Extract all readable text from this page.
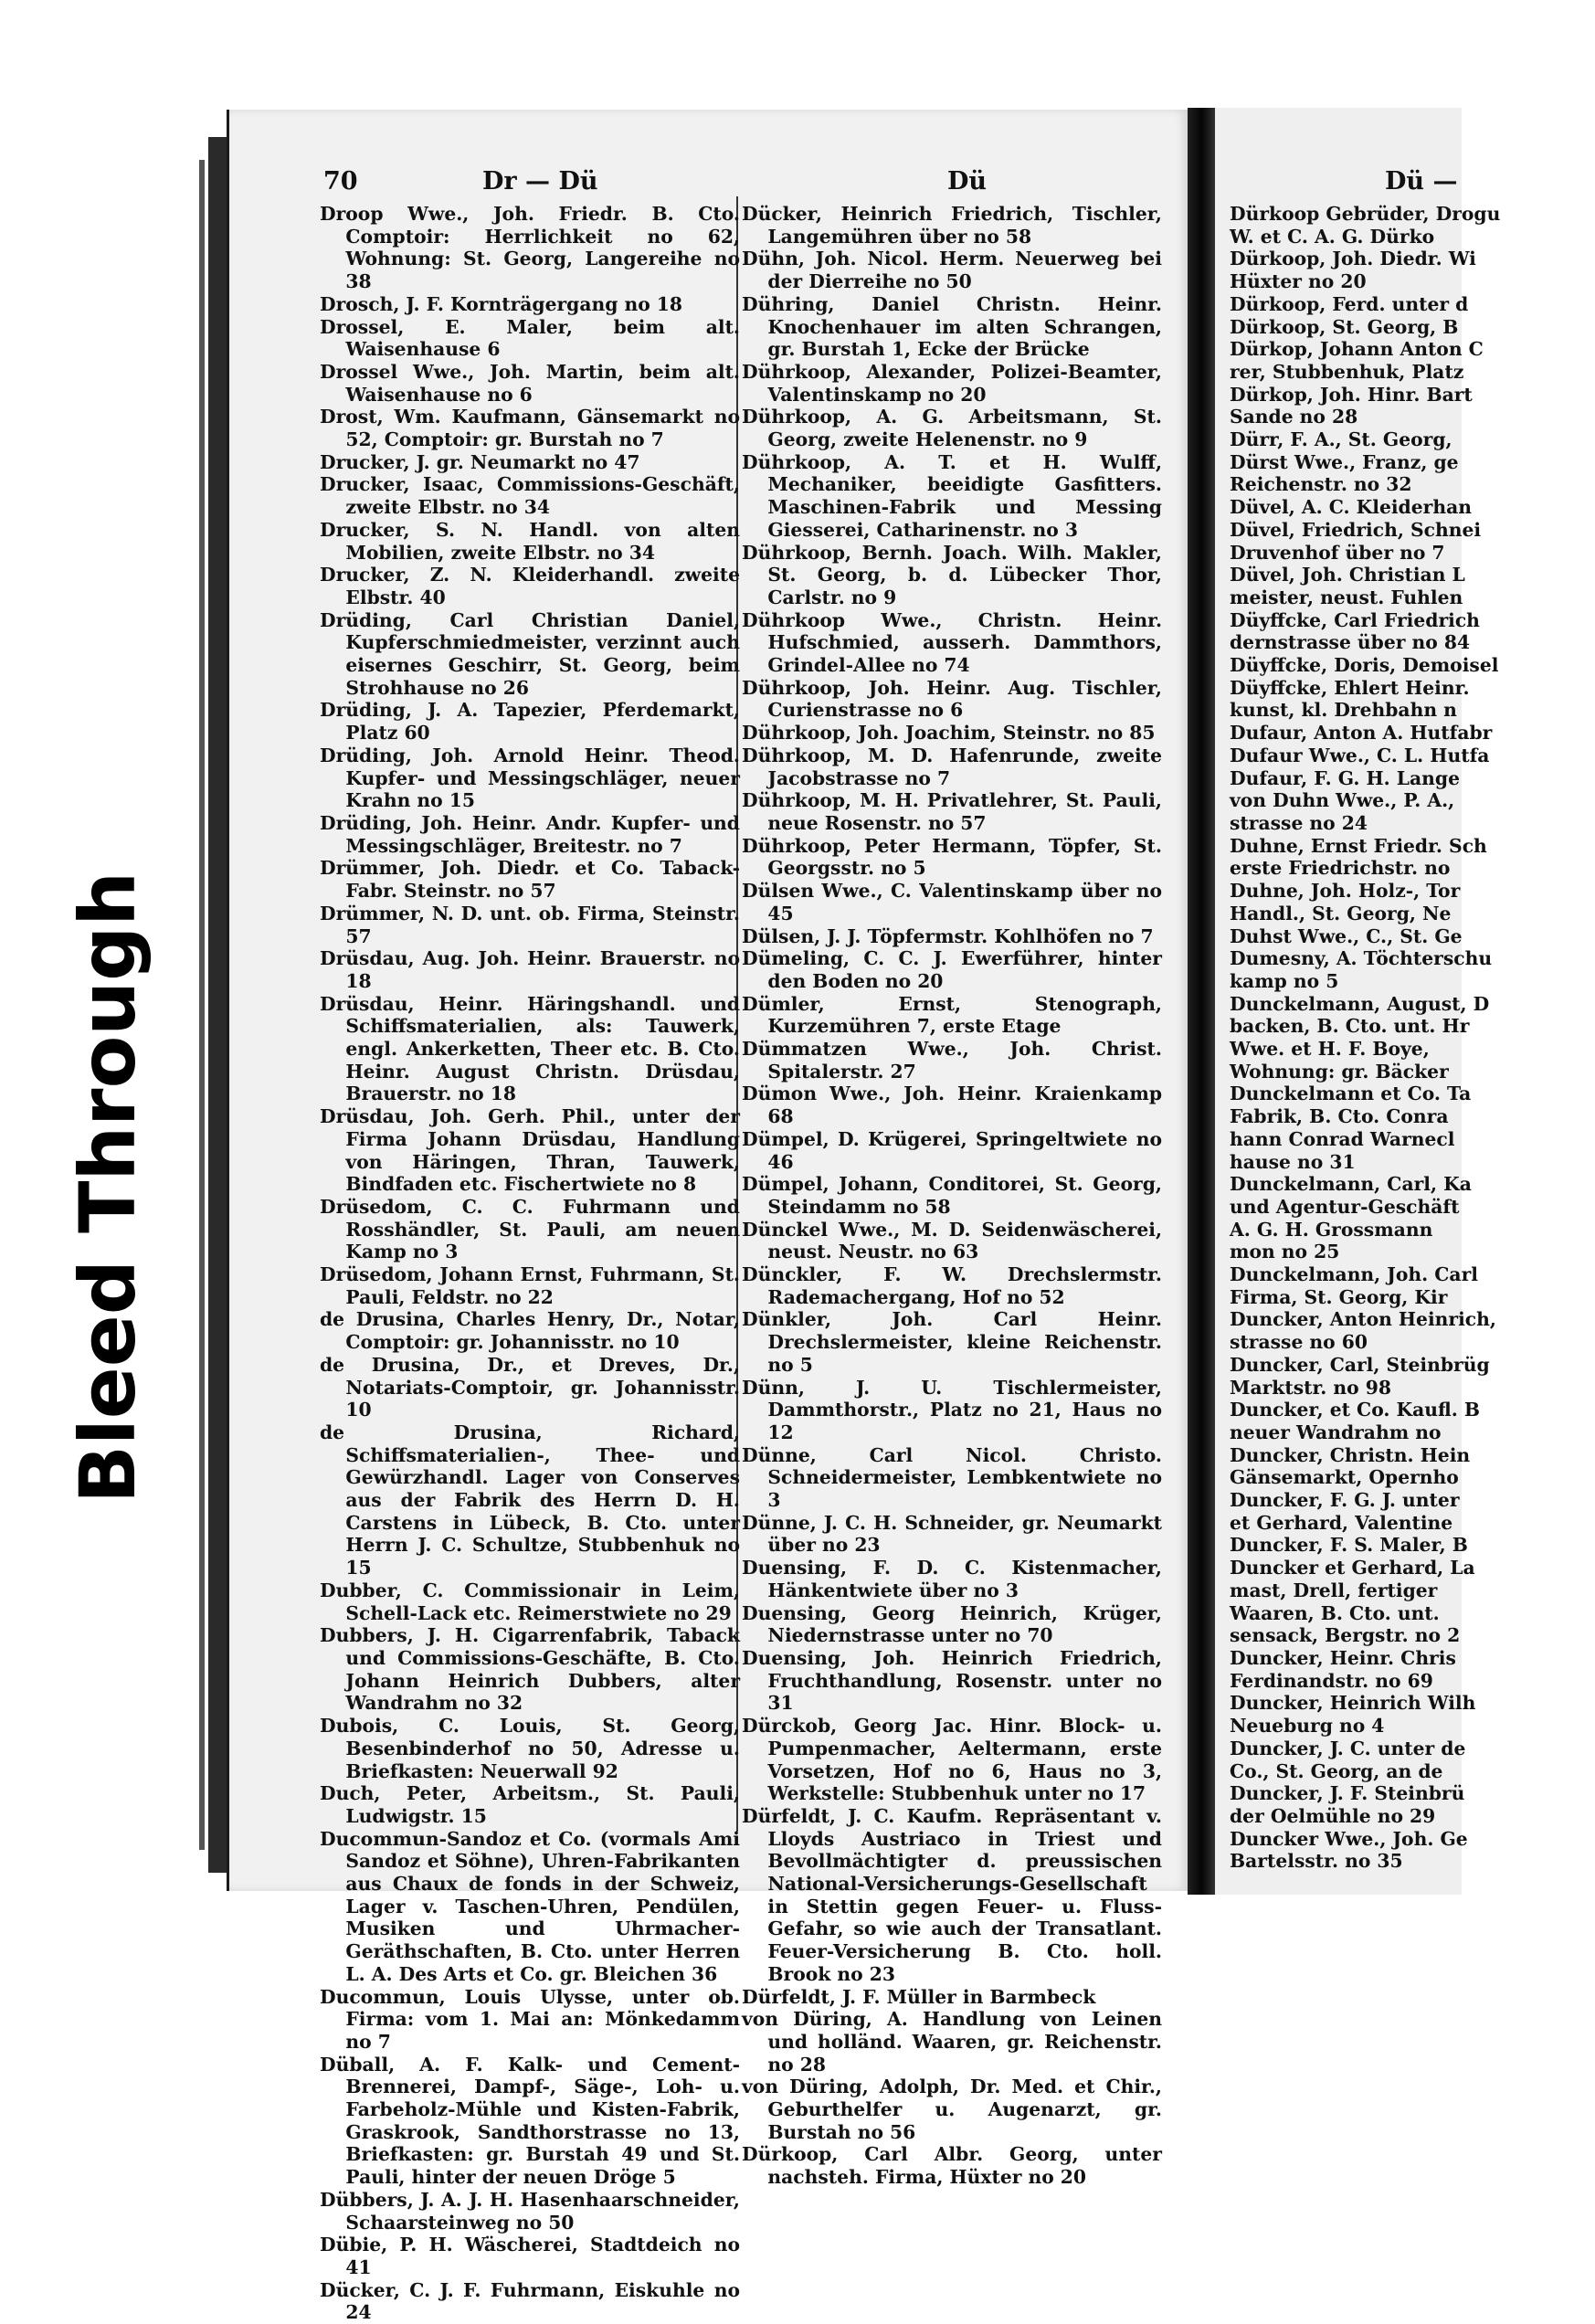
70	Dr — Dü	Dü	Dü —

Droop Wwe., Joh. Friedr. B. Cto. Comptoir: Herrlichkeit no 62, Wohnung: St. Georg, Langereihe no 38

Drosch, J. F. Kornträgergang no 18

Drossel, E. Maler, beim alt. Waisenhause 6

Drossel Wwe., Joh. Martin, beim alt. Waisenhause no 6

Drost, Wm. Kaufmann, Gänsemarkt no 52, Comptoir: gr. Burstah no 7

Drucker, J. gr. Neumarkt no 47

Drucker, Isaac, Commissions-Geschäft, zweite Elbstr. no 34

Drucker, S. N. Handl. von alten Mobilien, zweite Elbstr. no 34

Drucker, Z. N. Kleiderhandl. zweite Elbstr. 40

Drüding, Carl Christian Daniel, Kupferschmiedmeister, verzinnt auch eisernes Geschirr, St. Georg, beim Strohhause no 26

Drüding, J. A. Tapezier, Pferdemarkt, Platz 60

Drüding, Joh. Arnold Heinr. Theod. Kupfer- und Messingschläger, neuer Krahn no 15

Drüding, Joh. Heinr. Andr. Kupfer- und Messingschläger, Breitestr. no 7

Drümmer, Joh. Diedr. et Co. Taback-Fabr. Steinstr. no 57

Drümmer, N. D. unt. ob. Firma, Steinstr. 57

Drüsdau, Aug. Joh. Heinr. Brauerstr. no 18

Drüsdau, Heinr. Häringshandl. und Schiffsmaterialien, als: Tauwerk, engl. Ankerketten, Theer etc. B. Cto. Heinr. August Christn. Drüsdau, Brauerstr. no 18

Drüsdau, Joh. Gerh. Phil., unter der Firma Johann Drüsdau, Handlung von Häringen, Thran, Tauwerk, Bindfaden etc. Fischertwiete no 8

Drüsedom, C. C. Fuhrmann und Rosshändler, St. Pauli, am neuen Kamp no 3

Drüsedom, Johann Ernst, Fuhrmann, St. Pauli, Feldstr. no 22

de Drusina, Charles Henry, Dr., Notar, Comptoir: gr. Johannisstr. no 10

de Drusina, Dr., et Dreves, Dr., Notariats-Comptoir, gr. Johannisstr. 10

de Drusina, Richard, Schiffsmaterialien-, Thee- und Gewürzhandl. Lager von Conserves aus der Fabrik des Herrn D. H. Carstens in Lübeck, B. Cto. unter Herrn J. C. Schultze, Stubbenhuk no 15

Dubber, C. Commissionair in Leim, Schell-Lack etc. Reimerstwiete no 29

Dubbers, J. H. Cigarrenfabrik, Taback und Commissions-Geschäfte, B. Cto. Johann Heinrich Dubbers, alter Wandrahm no 32

Dubois, C. Louis, St. Georg, Besenbinderhof no 50, Adresse u. Briefkasten: Neuerwall 92

Duch, Peter, Arbeitsm., St. Pauli, Ludwigstr. 15

Ducommun-Sandoz et Co. (vormals Ami Sandoz et Söhne), Uhren-Fabrikanten aus Chaux de fonds in der Schweiz, Lager v. Taschen-Uhren, Pendülen, Musiken und Uhrmacher-Geräthschaften, B. Cto. unter Herren L. A. Des Arts et Co. gr. Bleichen 36

Ducommun, Louis Ulysse, unter ob. Firma: vom 1. Mai an: Mönkedamm no 7

Düball, A. F. Kalk- und Cement-Brennerei, Dampf-, Säge-, Loh- u. Farbeholz-Mühle und Kisten-Fabrik, Graskrook, Sandthorstrasse no 13, Briefkasten: gr. Burstah 49 und St. Pauli, hinter der neuen Dröge 5

Dübbers, J. A. J. H. Hasenhaarschneider, Schaarsteinweg no 50

Dübie, P. H. Wäscherei, Stadtdeich no 41

Dücker, C. J. F. Fuhrmann, Eiskuhle no 24

Dücker, Heinrich Friedrich, Tischler, Langemühren über no 58

Dühn, Joh. Nicol. Herm. Neuerweg bei der Dierreihe no 50

Dühring, Daniel Christn. Heinr. Knochenhauer im alten Schrangen, gr. Burstah 1, Ecke der Brücke

Dührkoop, Alexander, Polizei-Beamter, Valentinskamp no 20

Dührkoop, A. G. Arbeitsmann, St. Georg, zweite Helenenstr. no 9

Dührkoop, A. T. et H. Wulff, Mechaniker, beeidigte Gasfitters. Maschinen-Fabrik und Messing Giesserei, Catharinenstr. no 3

Dührkoop, Bernh. Joach. Wilh. Makler, St. Georg, b. d. Lübecker Thor, Carlstr. no 9

Dührkoop Wwe., Christn. Heinr. Hufschmied, ausserh. Dammthors, Grindel-Allee no 74

Dührkoop, Joh. Heinr. Aug. Tischler, Curienstrasse no 6

Dührkoop, Joh. Joachim, Steinstr. no 85

Dührkoop, M. D. Hafenrunde, zweite Jacobstrasse no 7

Dührkoop, M. H. Privatlehrer, St. Pauli, neue Rosenstr. no 57

Dührkoop, Peter Hermann, Töpfer, St. Georgsstr. no 5

Dülsen Wwe., C. Valentinskamp über no 45

Dülsen, J. J. Töpfermstr. Kohlhöfen no 7

Dümeling, C. C. J. Ewerführer, hinter den Boden no 20

Dümler, Ernst, Stenograph, Kurzemühren 7, erste Etage

Dümmatzen Wwe., Joh. Christ. Spitalerstr. 27

Dümon Wwe., Joh. Heinr. Kraienkamp 68

Dümpel, D. Krügerei, Springeltwiete no 46

Dümpel, Johann, Conditorei, St. Georg, Steindamm no 58

Dünckel Wwe., M. D. Seidenwäscherei, neust. Neustr. no 63

Dünckler, F. W. Drechslermstr. Rademachergang, Hof no 52

Dünkler, Joh. Carl Heinr. Drechslermeister, kleine Reichenstr. no 5

Dünn, J. U. Tischlermeister, Dammthorstr., Platz no 21, Haus no 12

Dünne, Carl Nicol. Christo. Schneidermeister, Lembkentwiete no 3

Dünne, J. C. H. Schneider, gr. Neumarkt über no 23

Duensing, F. D. C. Kistenmacher, Hänkentwiete über no 3

Duensing, Georg Heinrich, Krüger, Niedernstrasse unter no 70

Duensing, Joh. Heinrich Friedrich, Fruchthandlung, Rosenstr. unter no 31

Dürckob, Georg Jac. Hinr. Block- u. Pumpenmacher, Aeltermann, erste Vorsetzen, Hof no 6, Haus no 3, Werkstelle: Stubbenhuk unter no 17

Dürfeldt, J. C. Kaufm. Repräsentant v. Lloyds Austriaco in Triest und Bevollmächtigter d. preussischen National-Versicherungs-Gesellschaft in Stettin gegen Feuer- u. Fluss-Gefahr, so wie auch der Transatlant. Feuer-Versicherung B. Cto. holl. Brook no 23

Dürfeldt, J. F. Müller in Barmbeck

von Düring, A. Handlung von Leinen und holländ. Waaren, gr. Reichenstr. no 28

von Düring, Adolph, Dr. Med. et Chir., Geburthelfer u. Augenarzt, gr. Burstah no 56

Dürkoop, Carl Albr. Georg, unter nachsteh. Firma, Hüxter no 20

Dürkoop Gebrüder, Drogu

W. et C. A. G. Dürko

Dürkoop, Joh. Diedr. Wi

Hüxter no 20

Dürkoop, Ferd. unter d

Dürkoop, St. Georg, B

Dürkop, Johann Anton C

rer, Stubbenhuk, Platz

Dürkop, Joh. Hinr. Bart

Sande no 28

Dürr, F. A., St. Georg,

Dürst Wwe., Franz, ge

Reichenstr. no 32

Düvel, A. C. Kleiderhan

Düvel, Friedrich, Schnei

Druvenhof über no 7

Düvel, Joh. Christian L

meister, neust. Fuhlen

Düyffcke, Carl Friedrich

dernstrasse über no 84

Düyffcke, Doris, Demoisel

Düyffcke, Ehlert Heinr.

kunst, kl. Drehbahn n

Dufaur, Anton A. Hutfabr

Dufaur Wwe., C. L. Hutfa

Dufaur, F. G. H. Lange

von Duhn Wwe., P. A.,

strasse no 24

Duhne, Ernst Friedr. Sch

erste Friedrichstr. no

Duhne, Joh. Holz-, Tor

Handl., St. Georg, Ne

Duhst Wwe., C., St. Ge

Dumesny, A. Töchterschu

kamp no 5

Dunckelmann, August, D

backen, B. Cto. unt. Hr

Wwe. et H. F. Boye,

Wohnung: gr. Bäcker

Dunckelmann et Co. Ta

Fabrik, B. Cto. Conra

hann Conrad Warnecl

hause no 31

Dunckelmann, Carl, Ka

und Agentur-Geschäft

A. G. H. Grossmann

mon no 25

Dunckelmann, Joh. Carl

Firma, St. Georg, Kir

Duncker, Anton Heinrich,

strasse no 60

Duncker, Carl, Steinbrüg

Marktstr. no 98

Duncker, et Co. Kaufl. B

neuer Wandrahm no

Duncker, Christn. Hein

Gänsemarkt, Opernho

Duncker, F. G. J. unter

et Gerhard, Valentine

Duncker, F. S. Maler, B

Duncker et Gerhard, La

mast, Drell, fertiger

Waaren, B. Cto. unt.

sensack, Bergstr. no 2

Duncker, Heinr. Chris

Ferdinandstr. no 69

Duncker, Heinrich Wilh

Neueburg no 4

Duncker, J. C. unter de

Co., St. Georg, an de

Duncker, J. F. Steinbrü

der Oelmühle no 29

Duncker Wwe., Joh. Ge

Bartelsstr. no 35

Bleed Through
